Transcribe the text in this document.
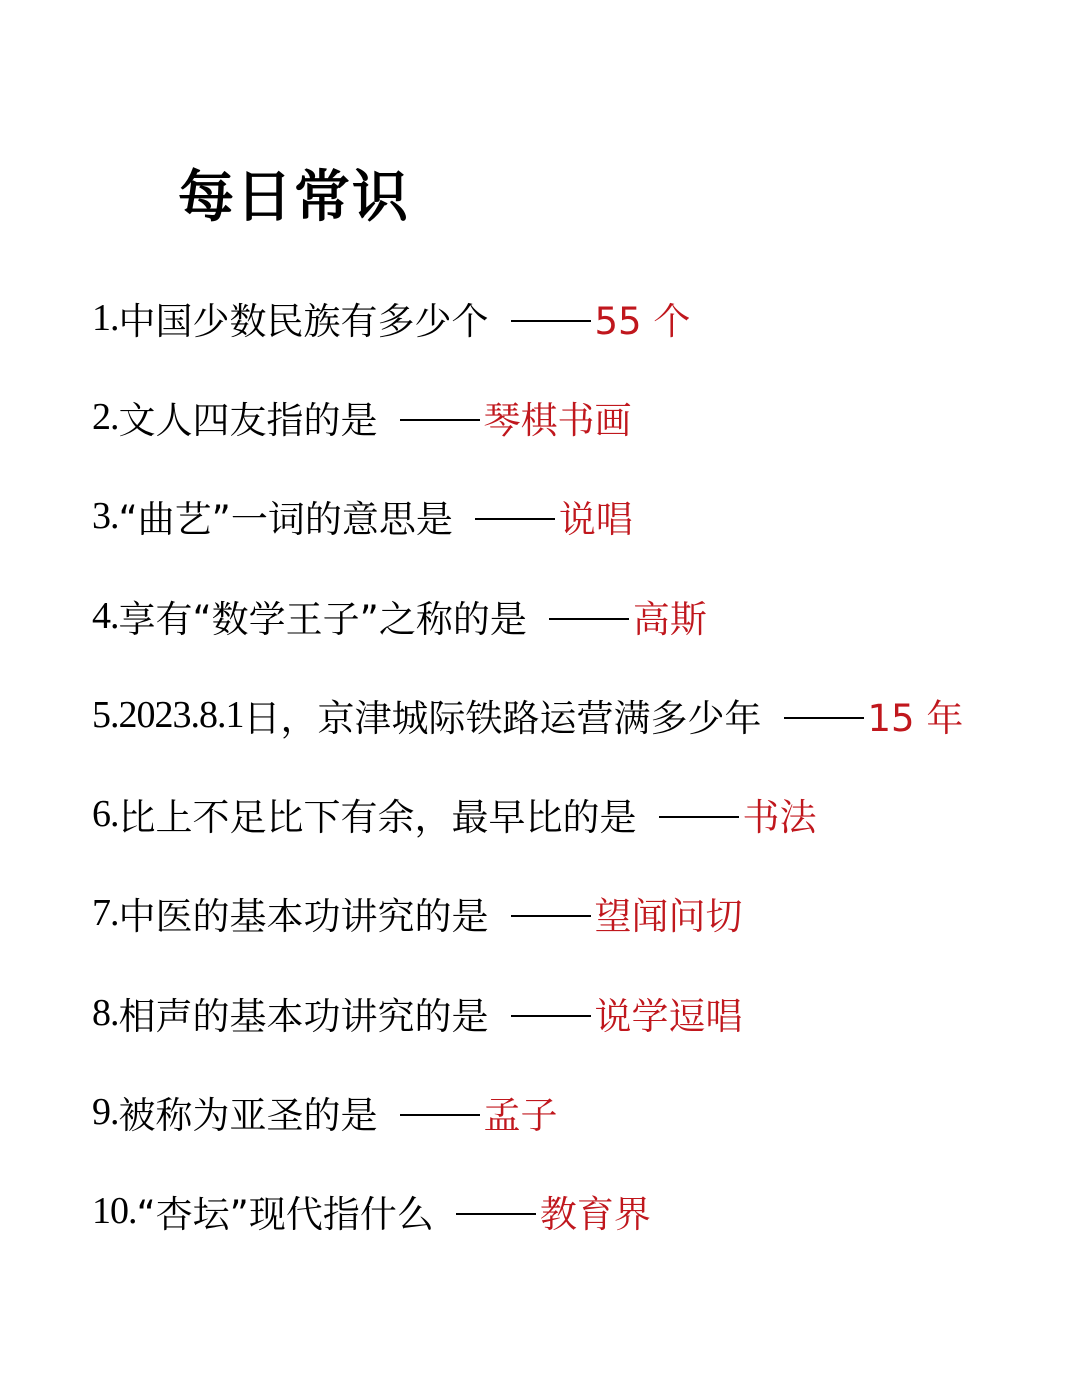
每日常识
1. 中国少数民族有多少个	55 个
2. 文人四友指的是	琴棋书画
3. “曲艺”一词的意思是	说唱
4. 享有“数学王子”之称的是	高斯
5.2023.8.1 日，京津城际铁路运营满多少年	15 年
6. 比上不足比下有余，最早比的是	书法
7. 中医的基本功讲究的是	望闻问切
8. 相声的基本功讲究的是	说学逗唱
9. 被称为亚圣的是	孟子
10. “杏坛”现代指什么	教育界
